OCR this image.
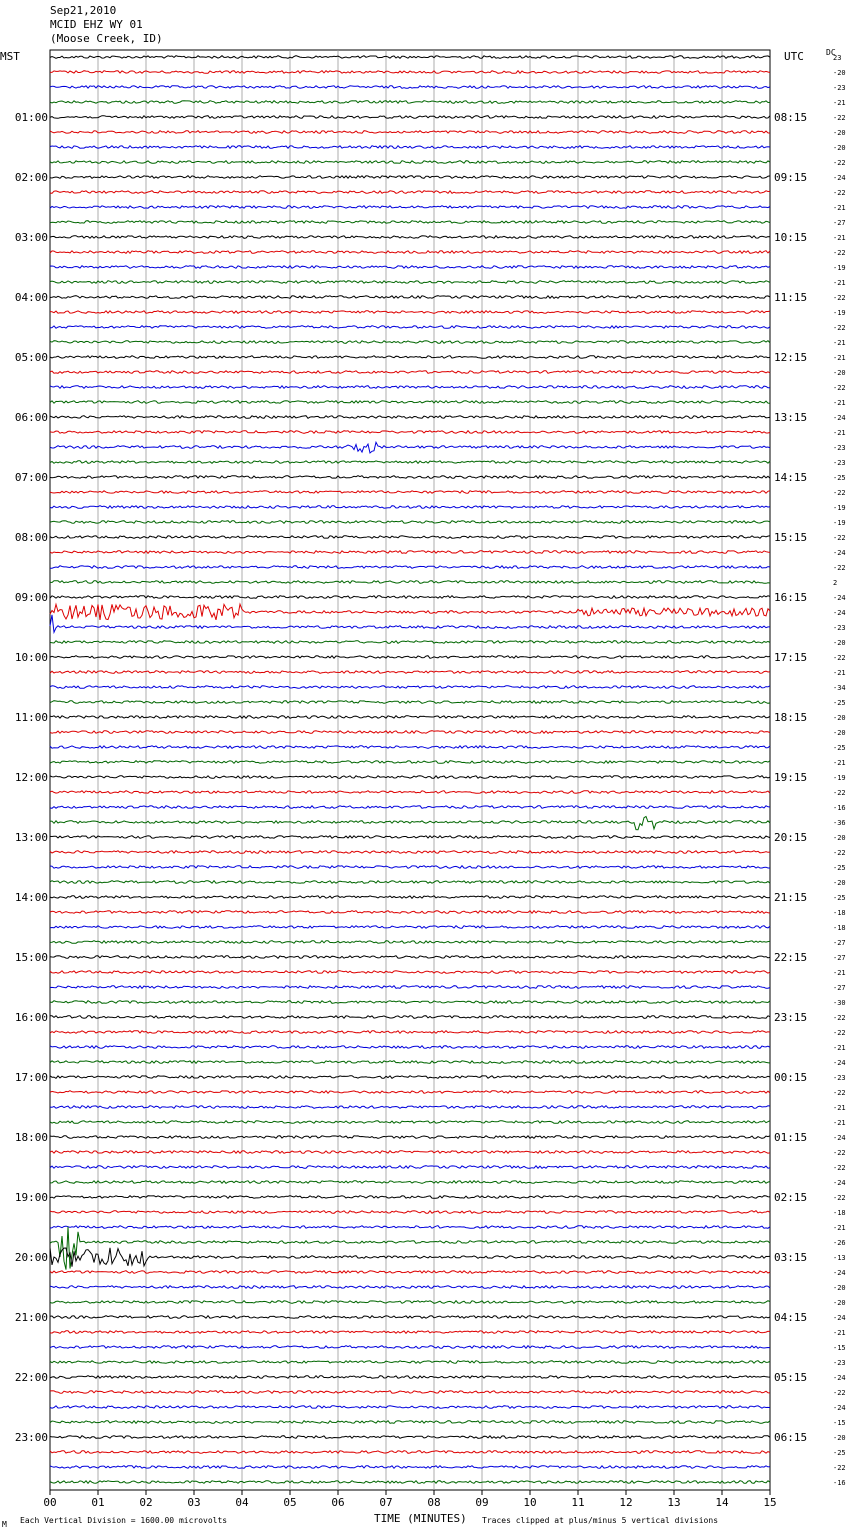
Sep21,2010
MCID EHZ WY 01
(Moose Creek, ID)
MST	UTC	DC
00	01	02	03	04	05	06	07	08	09	10	11	12	13	14	15
23
-20
-23
-21
-22
01:00	08:15
-20
-20
-22
-24
02:00	09:15
-22
-21
-27
-21
03:00	10:15
-22
-19
-21
-22
04:00	11:15
-19
-22
-21
-21
05:00	12:15
-20
-22
-21
-24
06:00	13:15
-21
-23
-23
-25
07:00	14:15
-22
-19
-19
-22
08:00	15:15
-24
-22
2
-24
09:00	16:15
-24
-23
-20
-22
10:00	17:15
-21
-34
-25
-20
11:00	18:15
-20
-25
-21
-19
12:00	19:15
-22
-16
-36
-20
13:00	20:15
-22
-25
-20
-25
14:00	21:15
-18
-18
-27
-27
15:00	22:15
-21
-27
-30
-22
16:00	23:15
-22
-21
-24
-23
17:00	00:15
-22
-21
-21
-24
18:00	01:15
-22
-22
-24
-22
19:00	02:15
-18
-21
-26
-13
20:00	03:15
-24
-20
-20
-24
21:00	04:15
-21
-15
-23
-24
22:00	05:15
-22
-24
-15
-20
23:00	06:15
-25
-22
-16
M Each Vertical Division = 1600.00 microvolts	TIME (MINUTES) Traces clipped at plus/minus 5 vertical divisions
